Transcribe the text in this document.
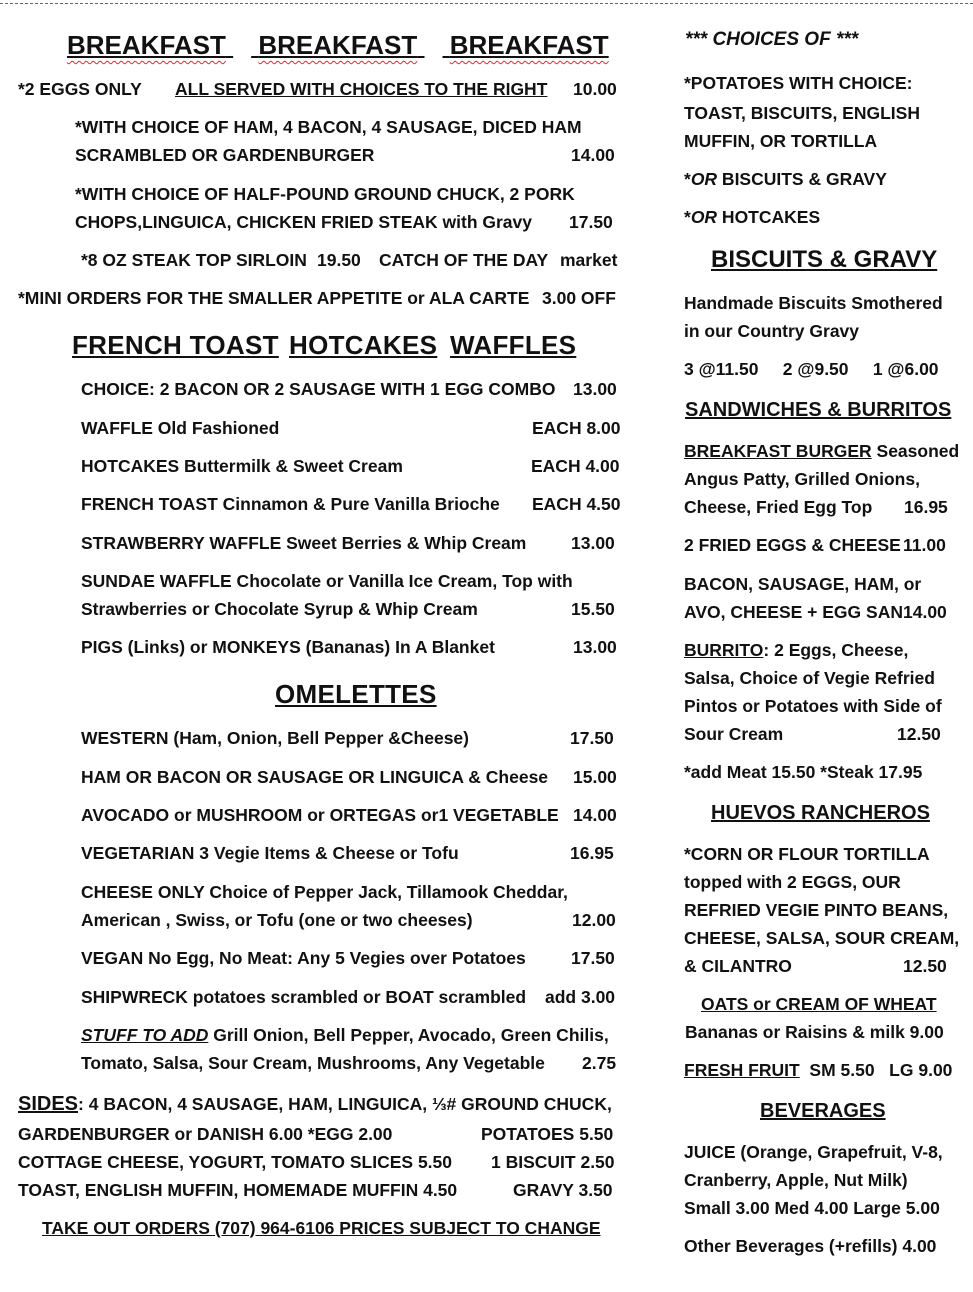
BREAKFAST BREAKFAST BREAKFAST
*2 EGGS ONLY ALL SERVED WITH CHOICES TO THE RIGHT 10.00
*WITH CHOICE OF HAM, 4 BACON, 4 SAUSAGE, DICED HAM
SCRAMBLED OR GARDENBURGER	14.00
*WITH CHOICE OF HALF-POUND GROUND CHUCK, 2 PORK
CHOPS,LINGUICA, CHICKEN FRIED STEAK with Gravy 17.50
*8 OZ STEAK TOP SIRLOIN 19.50 CATCH OF THE DAY market
*MINI ORDERS FOR THE SMALLER APPETITE or ALA CARTE 3.00 OFF
FRENCH TOAST HOTCAKES WAFFLES
CHOICE: 2 BACON OR 2 SAUSAGE WITH 1 EGG COMBO 13.00
WAFFLE Old Fashioned	EACH 8.00
HOTCAKES Buttermilk & Sweet Cream	EACH 4.00
FRENCH TOAST Cinnamon & Pure Vanilla Brioche EACH 4.50
STRAWBERRY WAFFLE Sweet Berries & Whip Cream	13.00
SUNDAE WAFFLE Chocolate or Vanilla Ice Cream, Top with
Strawberries or Chocolate Syrup & Whip Cream	15.50
PIGS (Links) or MONKEYS (Bananas) In A Blanket	13.00
OMELETTES
WESTERN (Ham, Onion, Bell Pepper &Cheese)	17.50
HAM OR BACON OR SAUSAGE OR LINGUICA & Cheese 15.00
AVOCADO or MUSHROOM or ORTEGAS or1 VEGETABLE 14.00
VEGETARIAN 3 Vegie Items & Cheese or Tofu	16.95
CHEESE ONLY Choice of Pepper Jack, Tillamook Cheddar,
American , Swiss, or Tofu (one or two cheeses)	12.00
VEGAN No Egg, No Meat: Any 5 Vegies over Potatoes	17.50
SHIPWRECK potatoes scrambled or BOAT scrambled add 3.00
STUFF TO ADD Grill Onion, Bell Pepper, Avocado, Green Chilis,
Tomato, Salsa, Sour Cream, Mushrooms, Any Vegetable 2.75
SIDES: 4 BACON, 4 SAUSAGE, HAM, LINGUICA, ⅓# GROUND CHUCK,
GARDENBURGER or DANISH 6.00 *EGG 2.00	POTATOES 5.50
COTTAGE CHEESE, YOGURT, TOMATO SLICES 5.50 1 BISCUIT 2.50
TOAST, ENGLISH MUFFIN, HOMEMADE MUFFIN 4.50	GRAVY 3.50
TAKE OUT ORDERS (707) 964-6106 PRICES SUBJECT TO CHANGE
*** CHOICES OF ***
*POTATOES WITH CHOICE:
TOAST, BISCUITS, ENGLISH
MUFFIN, OR TORTILLA
*OR BISCUITS & GRAVY
*OR HOTCAKES
BISCUITS & GRAVY
Handmade Biscuits Smothered
in our Country Gravy
3 @11.50     2 @9.50     1 @6.00
SANDWICHES & BURRITOS
BREAKFAST BURGER Seasoned
Angus Patty, Grilled Onions,
Cheese, Fried Egg Top 16.95
2 FRIED EGGS & CHEESE 11.00
BACON, SAUSAGE, HAM, or
AVO, CHEESE + EGG SAN 14.00
BURRITO: 2 Eggs, Cheese,
Salsa, Choice of Vegie Refried
Pintos or Potatoes with Side of
Sour Cream	12.50
*add Meat 15.50 *Steak 17.95
HUEVOS RANCHEROS
*CORN OR FLOUR TORTILLA
topped with 2 EGGS, OUR
REFRIED VEGIE PINTO BEANS,
CHEESE, SALSA, SOUR CREAM,
& CILANTRO	12.50
OATS or CREAM OF WHEAT
Bananas or Raisins & milk 9.00
FRESH FRUIT  SM 5.50   LG 9.00
BEVERAGES
JUICE (Orange, Grapefruit, V-8,
Cranberry, Apple, Nut Milk)
Small 3.00 Med 4.00 Large 5.00
Other Beverages (+refills) 4.00
